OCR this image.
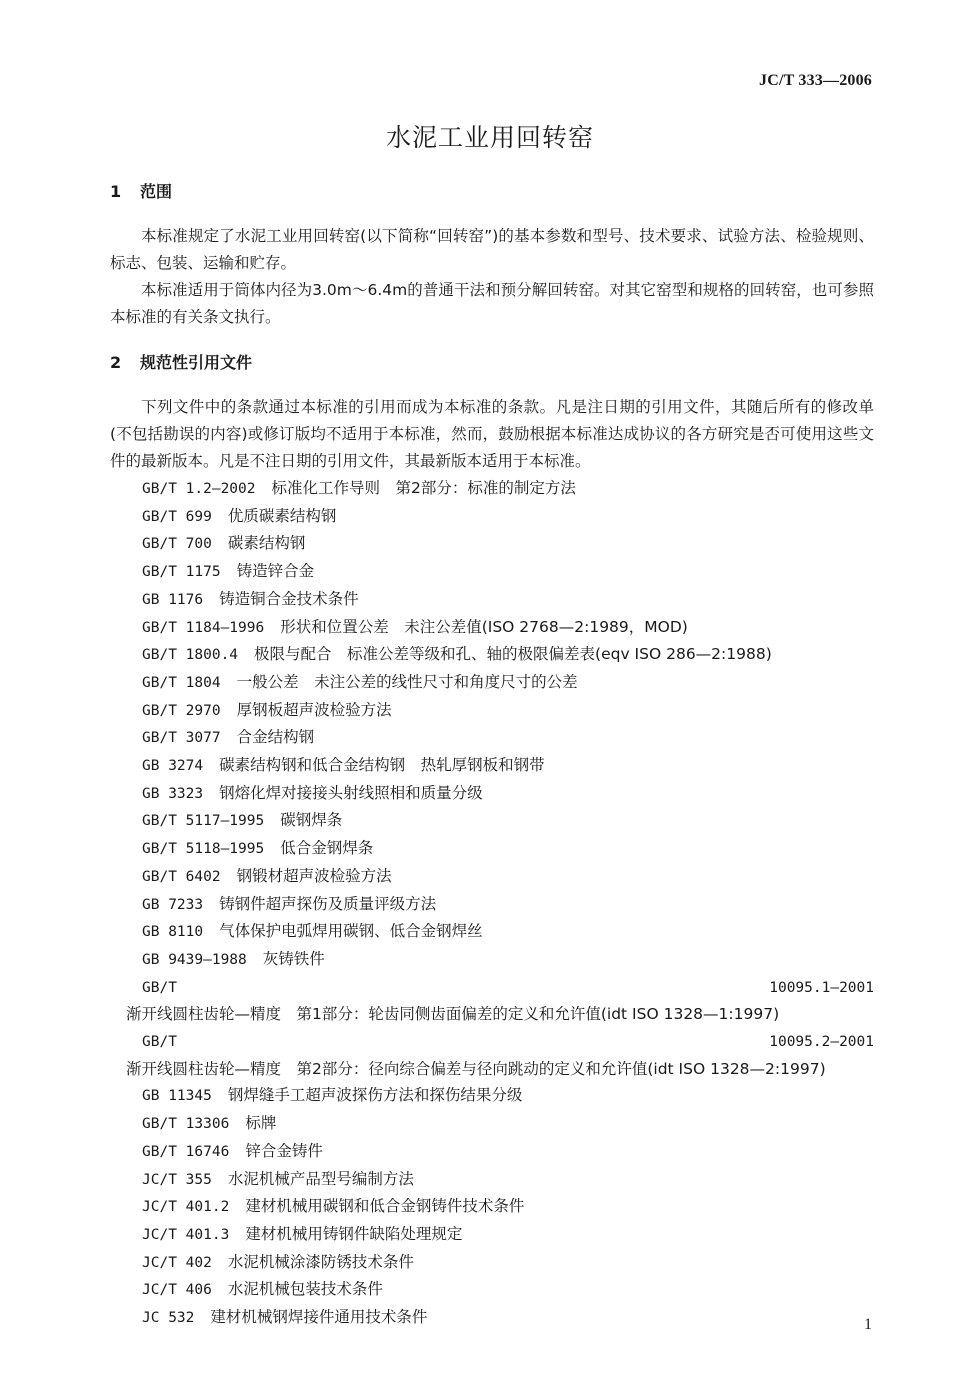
JC/T 333—2006
水泥工业用回转窑
1 范围
本标准规定了水泥工业用回转窑(以下简称“回转窑”)的基本参数和型号、技术要求、试验方法、检验规则、标志、包装、运输和贮存。
本标准适用于筒体内径为3.0m～6.4m的普通干法和预分解回转窑。对其它窑型和规格的回转窑，也可参照本标准的有关条文执行。
2 规范性引用文件
下列文件中的条款通过本标准的引用而成为本标准的条款。凡是注日期的引用文件，其随后所有的修改单(不包括勘误的内容)或修订版均不适用于本标准，然而，鼓励根据本标准达成协议的各方研究是否可使用这些文件的最新版本。凡是不注日期的引用文件，其最新版本适用于本标准。
GB/T 1.2—2002 标准化工作导则　第2部分：标准的制定方法
GB/T 699 优质碳素结构钢
GB/T 700 碳素结构钢
GB/T 1175 铸造锌合金
GB 1176 铸造铜合金技术条件
GB/T 1184—1996 形状和位置公差　未注公差值(ISO 2768—2:1989，MOD)
GB/T 1800.4 极限与配合　标准公差等级和孔、轴的极限偏差表(eqv ISO 286—2:1988)
GB/T 1804 一般公差　未注公差的线性尺寸和角度尺寸的公差
GB/T 2970 厚钢板超声波检验方法
GB/T 3077 合金结构钢
GB 3274 碳素结构钢和低合金结构钢　热轧厚钢板和钢带
GB 3323 钢熔化焊对接接头射线照相和质量分级
GB/T 5117—1995 碳钢焊条
GB/T 5118—1995 低合金钢焊条
GB/T 6402 钢锻材超声波检验方法
GB 7233 铸钢件超声探伤及质量评级方法
GB 8110 气体保护电弧焊用碳钢、低合金钢焊丝
GB 9439—1988 灰铸铁件
GB/T 10095.1—2001渐开线圆柱齿轮—精度　第1部分：轮齿同侧齿面偏差的定义和允许值(idt ISO 1328—1:1997)
GB/T 10095.2—2001渐开线圆柱齿轮—精度　第2部分：径向综合偏差与径向跳动的定义和允许值(idt ISO 1328—2:1997)
GB 11345 钢焊缝手工超声波探伤方法和探伤结果分级
GB/T 13306 标牌
GB/T 16746 锌合金铸件
JC/T 355 水泥机械产品型号编制方法
JC/T 401.2 建材机械用碳钢和低合金钢铸件技术条件
JC/T 401.3 建材机械用铸钢件缺陷处理规定
JC/T 402 水泥机械涂漆防锈技术条件
JC/T 406 水泥机械包装技术条件
JC 532 建材机械钢焊接件通用技术条件	1
